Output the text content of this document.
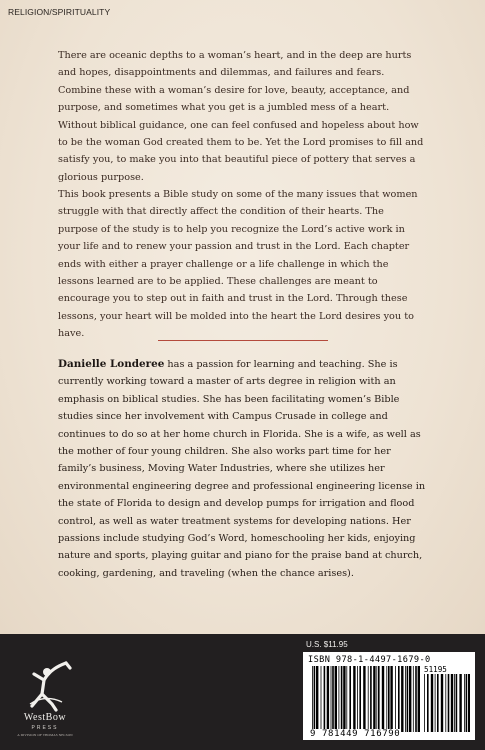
RELIGION/SPIRITUALITY

There are oceanic depths to a woman’s heart, and in the deep are hurts and hopes, disappointments and dilemmas, and failures and fears. Combine these with a woman’s desire for love, beauty, acceptance, and purpose, and sometimes what you get is a jumbled mess of a heart. Without biblical guidance, one can feel confused and hopeless about how to be the woman God created them to be. Yet the Lord promises to fill and satisfy you, to make you into that beautiful piece of pottery that serves a glorious purpose.

This book presents a Bible study on some of the many issues that women struggle with that directly affect the condition of their hearts. The purpose of the study is to help you recognize the Lord’s active work in your life and to renew your passion and trust in the Lord. Each chapter ends with either a prayer challenge or a life challenge in which the lessons learned are to be applied. These challenges are meant to encourage you to step out in faith and trust in the Lord. Through these lessons, your heart will be molded into the heart the Lord desires you to have.

Danielle Londeree has a passion for learning and teaching. She is currently working toward a master of arts degree in religion with an emphasis on biblical studies. She has been facilitating women’s Bible studies since her involvement with Campus Crusade in college and continues to do so at her home church in Florida. She is a wife, as well as the mother of four young children. She also works part time for her family’s business, Moving Water Industries, where she utilizes her environmental engineering degree and professional engineering license in the state of Florida to design and develop pumps for irrigation and flood control, as well as water treatment systems for developing nations. Her passions include studying God’s Word, homeschooling her kids, enjoying nature and sports, playing guitar and piano for the praise band at church, cooking, gardening, and traveling (when the chance arises).

WestBow
PRESS
A DIVISION OF THOMAS NELSON
U.S. $11.95
ISBN 978-1-4497-1679-0
51195
9 781449 716790
